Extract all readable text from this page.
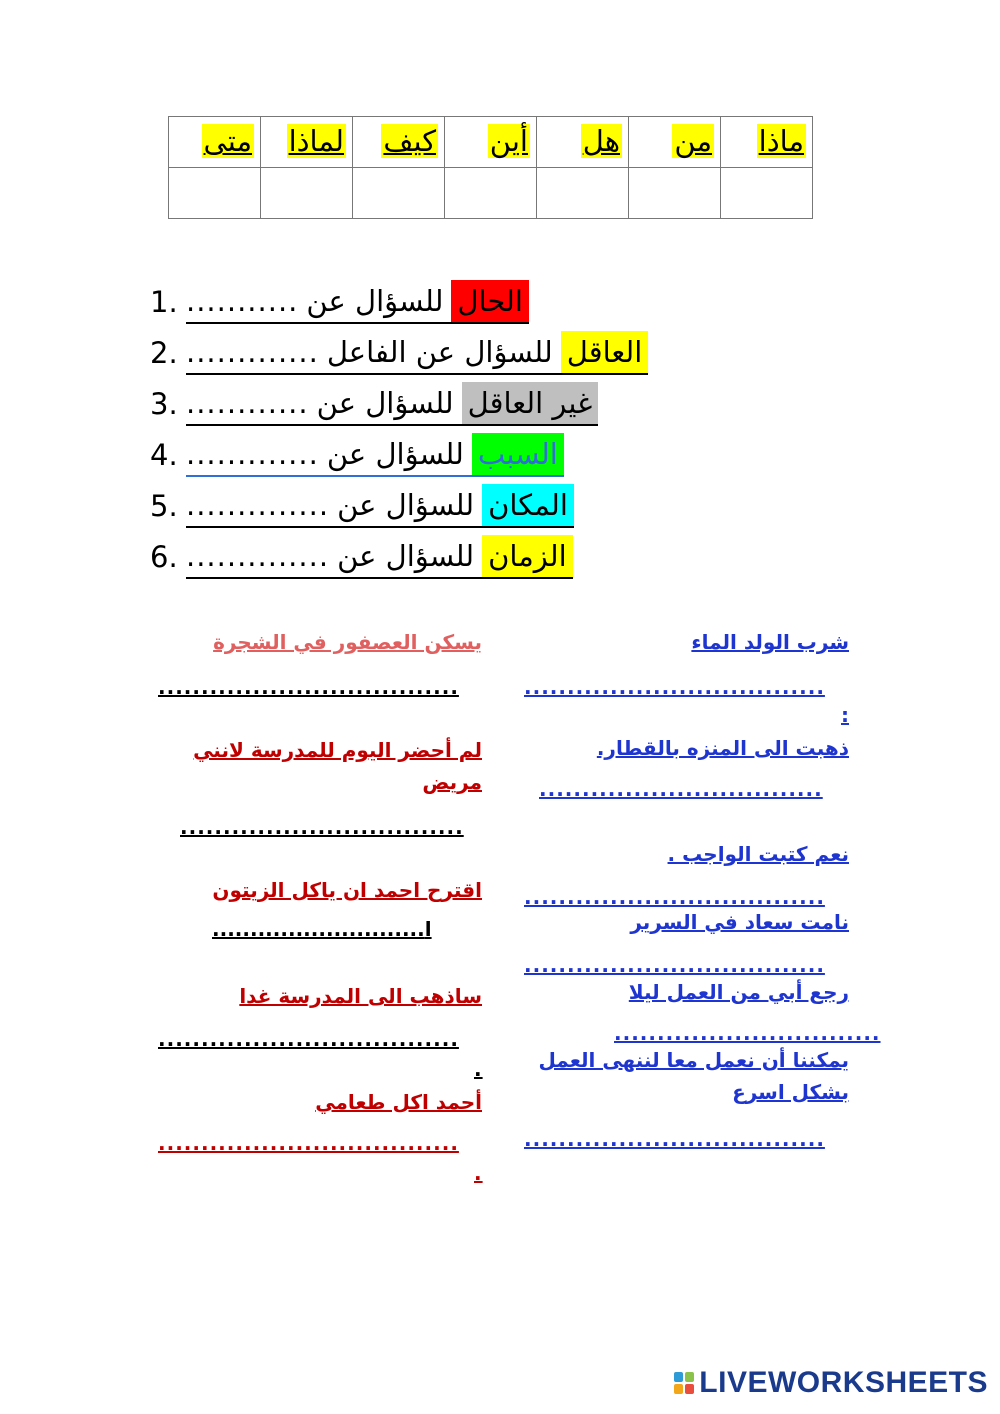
ماذا	من	هل	أين	كيف	لماذا	متى

1.	الحال
للسؤال عن
...........
2.	العاقل
للسؤال عن الفاعل
.............
3.	غير العاقل
للسؤال عن
............
4.	السبب
للسؤال عن
.............
5.	المكان
للسؤال عن
..............
6.	الزمان
للسؤال عن
..............
شرب الولد الماء
...................................
:
ذهبت الى المنزه بالقطار.
.................................
نعم كتبت الواجب .
...................................
نامت سعاد في السرير
...................................
رجع أبي من العمل ليلا
...............................
يمكننا أن نعمل معا لننهى العمل بشكل اسرع
...................................
يسكن العصفور في الشجرة
...................................
لم أحضر اليوم للمدرسة لانني مريض
.................................
اقترح احمد ان ياكل الزيتون
............................ا
ساذهب الى المدرسة غدا
...................................
.
أحمد اكل طعامي
...................................
.
LIVEWORKSHEETS
